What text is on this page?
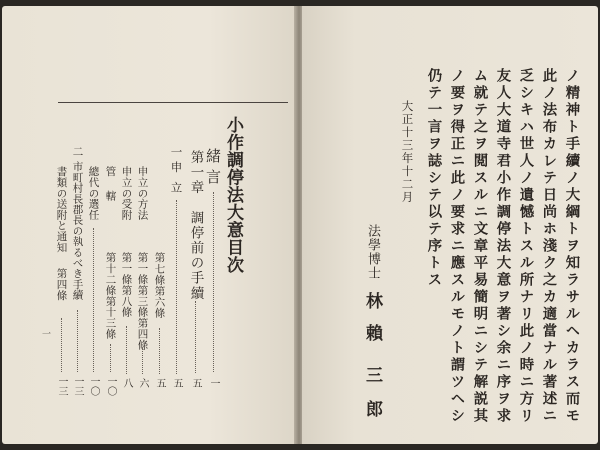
小作調停法大意目次
緒言
一
第一章　調停前の手續
五
一
申立
五
第七條第六條
五
申立の方法
第一條第三條第四條
六
申立の受附
第一條第八條
八
管轄
第十二條第十三條
一〇
總代の選任
一〇
二
市町村長郡長の執るべき手續
一三
書類の送附と通知
第四條
一三
一	ノ精神ト手續ノ大綱トヲ知ラサルヘカラス而モ
此ノ法布カレテ日尚ホ淺ク之カ適當ナル著述ニ
乏シキハ世人ノ遺憾トスル所ナリ此ノ時ニ方リ
友人大道寺君小作調停法大意ヲ著シ余ニ序ヲ求
ム就テ之ヲ閲スルニ文章平易簡明ニシテ解説其
ノ要ヲ得正ニ此ノ要求ニ應スルモノト謂ツヘシ
仍テ一言ヲ誌シテ以テ序トス
大正十三年十二月
法學博士
林
賴
三
郎
